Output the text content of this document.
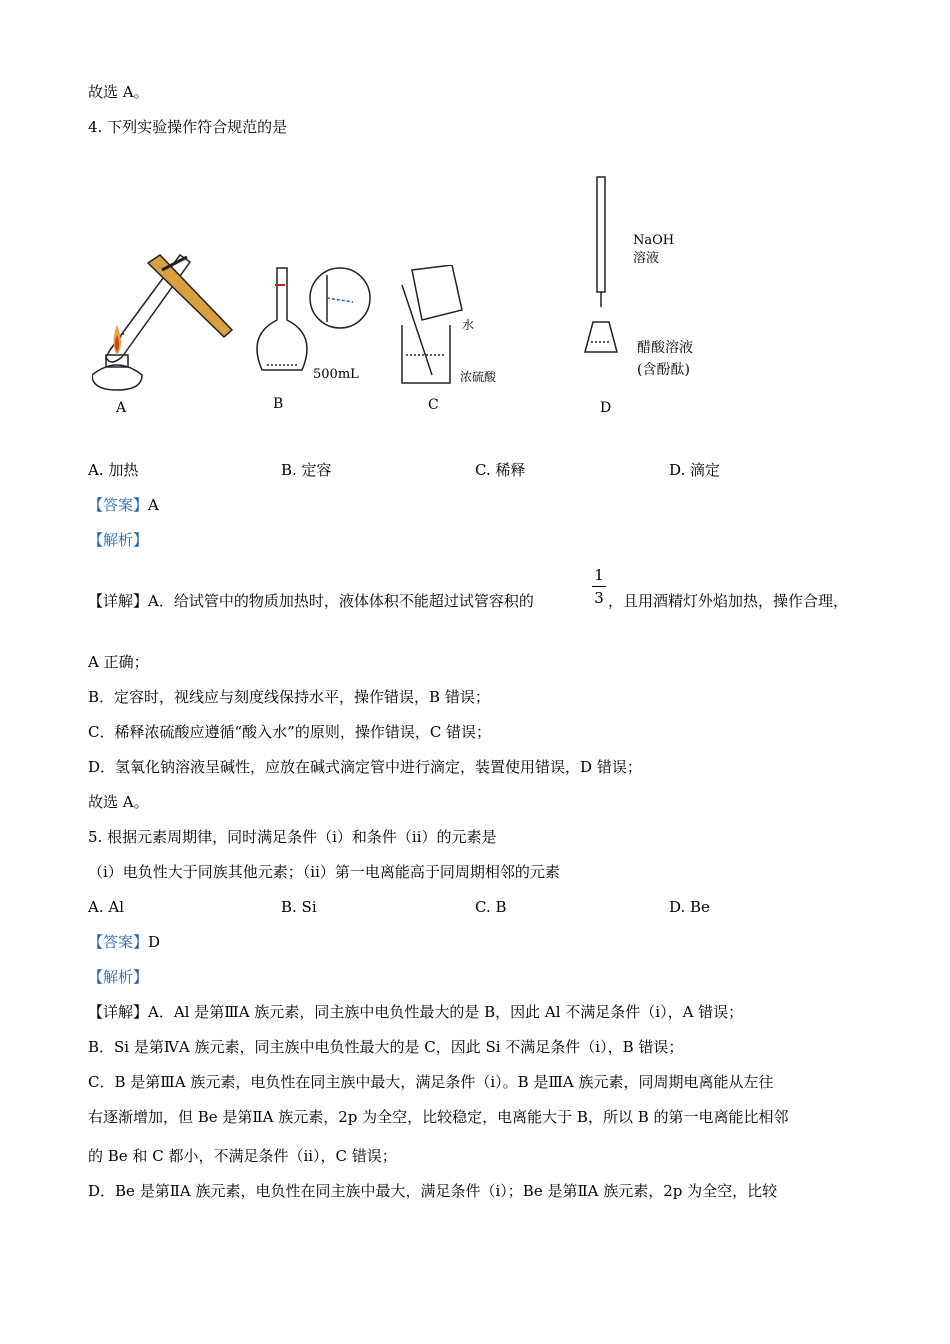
故选 A。
4. 下列实验操作符合规范的是
A
500mL
B
水
浓硫酸
C
NaOH
溶液
醋酸溶液
(含酚酞)
D
A. 加热	B. 定容	C. 稀释	D. 滴定
【答案】A
【解析】
【详解】A．给试管中的物质加热时，液体体积不能超过试管容积的
1
3 ，且用酒精灯外焰加热，操作合理，
A 正确；
B．定容时，视线应与刻度线保持水平，操作错误，B 错误；
C．稀释浓硫酸应遵循“酸入水”的原则，操作错误，C 错误；
D．氢氧化钠溶液呈碱性，应放在碱式滴定管中进行滴定，装置使用错误，D 错误；
故选 A。
5. 根据元素周期律，同时满足条件（ⅰ）和条件（ⅱ）的元素是
（ⅰ）电负性大于同族其他元素；（ⅱ）第一电离能高于同周期相邻的元素
A. Al	B. Si	C. B	D. Be
【答案】D
【解析】
【详解】A．Al 是第ⅢA 族元素，同主族中电负性最大的是 B，因此 Al 不满足条件（i），A 错误；
B．Si 是第ⅣA 族元素，同主族中电负性最大的是 C，因此 Si 不满足条件（i），B 错误；
C．B 是第ⅢA 族元素，电负性在同主族中最大，满足条件（i）。B 是ⅢA 族元素，同周期电离能从左往
右逐渐增加，但 Be 是第ⅡA 族元素，2p 为全空，比较稳定，电离能大于 B，所以 B 的第一电离能比相邻
的 Be 和 C 都小，不满足条件（ii），C 错误；
D．Be 是第ⅡA 族元素，电负性在同主族中最大，满足条件（i）；Be 是第ⅡA 族元素，2p 为全空，比较
